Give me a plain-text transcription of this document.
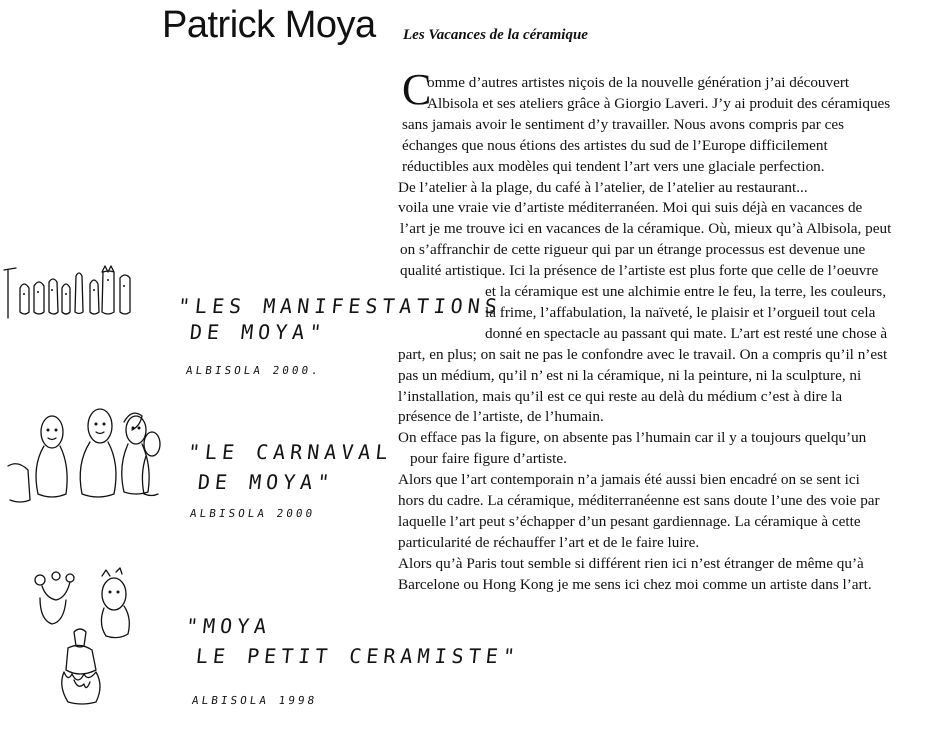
Patrick Moya Les Vacances de la céramique
C
omme d’autres artistes niçois de la nouvelle génération j’ai découvert
Albisola et ses ateliers grâce à Giorgio Laveri. J’y ai produit des céramiques
sans jamais avoir le sentiment d’y travailler. Nous avons compris par ces
échanges que nous étions des artistes du sud de l’Europe difficilement
réductibles aux modèles qui tendent l’art vers une glaciale perfection.
De l’atelier à la plage, du café à l’atelier, de l’atelier au restaurant...
voila une vraie vie d’artiste méditerranéen. Moi qui suis déjà en vacances de
l’art je me trouve ici en vacances de la céramique. Où, mieux qu’à Albisola, peut
on s’affranchir de cette rigueur qui par un étrange processus est devenue une
qualité artistique. Ici la présence de l’artiste est plus forte que celle de l’oeuvre
et la céramique est une alchimie entre le feu, la terre, les couleurs,
la frime, l’affabulation, la naïveté, le plaisir et l’orgueil tout cela
donné en spectacle au passant qui mate. L’art est resté une chose à
part, en plus; on sait ne pas le confondre avec le travail. On a compris qu’il n’est
pas un médium, qu’il n’ est ni la céramique, ni la peinture, ni la sculpture, ni
l’installation, mais qu’il est ce qui reste au delà du médium c’est à dire la
présence de l’artiste, de l’humain.
On efface pas la figure, on absente pas l’humain car il y a toujours quelqu’un
pour faire figure d’artiste.
Alors que l’art contemporain n’a jamais été aussi bien encadré on se sent ici
hors du cadre. La céramique, méditerranéenne est sans doute l’une des voie par
laquelle l’art peut s’échapper d’un pesant gardiennage. La céramique à cette
particularité de réchauffer l’art et de le faire luire.
Alors qu’à Paris tout semble si différent rien ici n’est étranger de même qu’à
Barcelone ou Hong Kong je me sens ici chez moi comme un artiste dans l’art.
"LES MANIFESTATIONS
DE MOYA"
ALBISOLA 2000.
"LE CARNAVAL
DE MOYA"
ALBISOLA 2000
"MOYA
LE PETIT CERAMISTE"
ALBISOLA 1998
